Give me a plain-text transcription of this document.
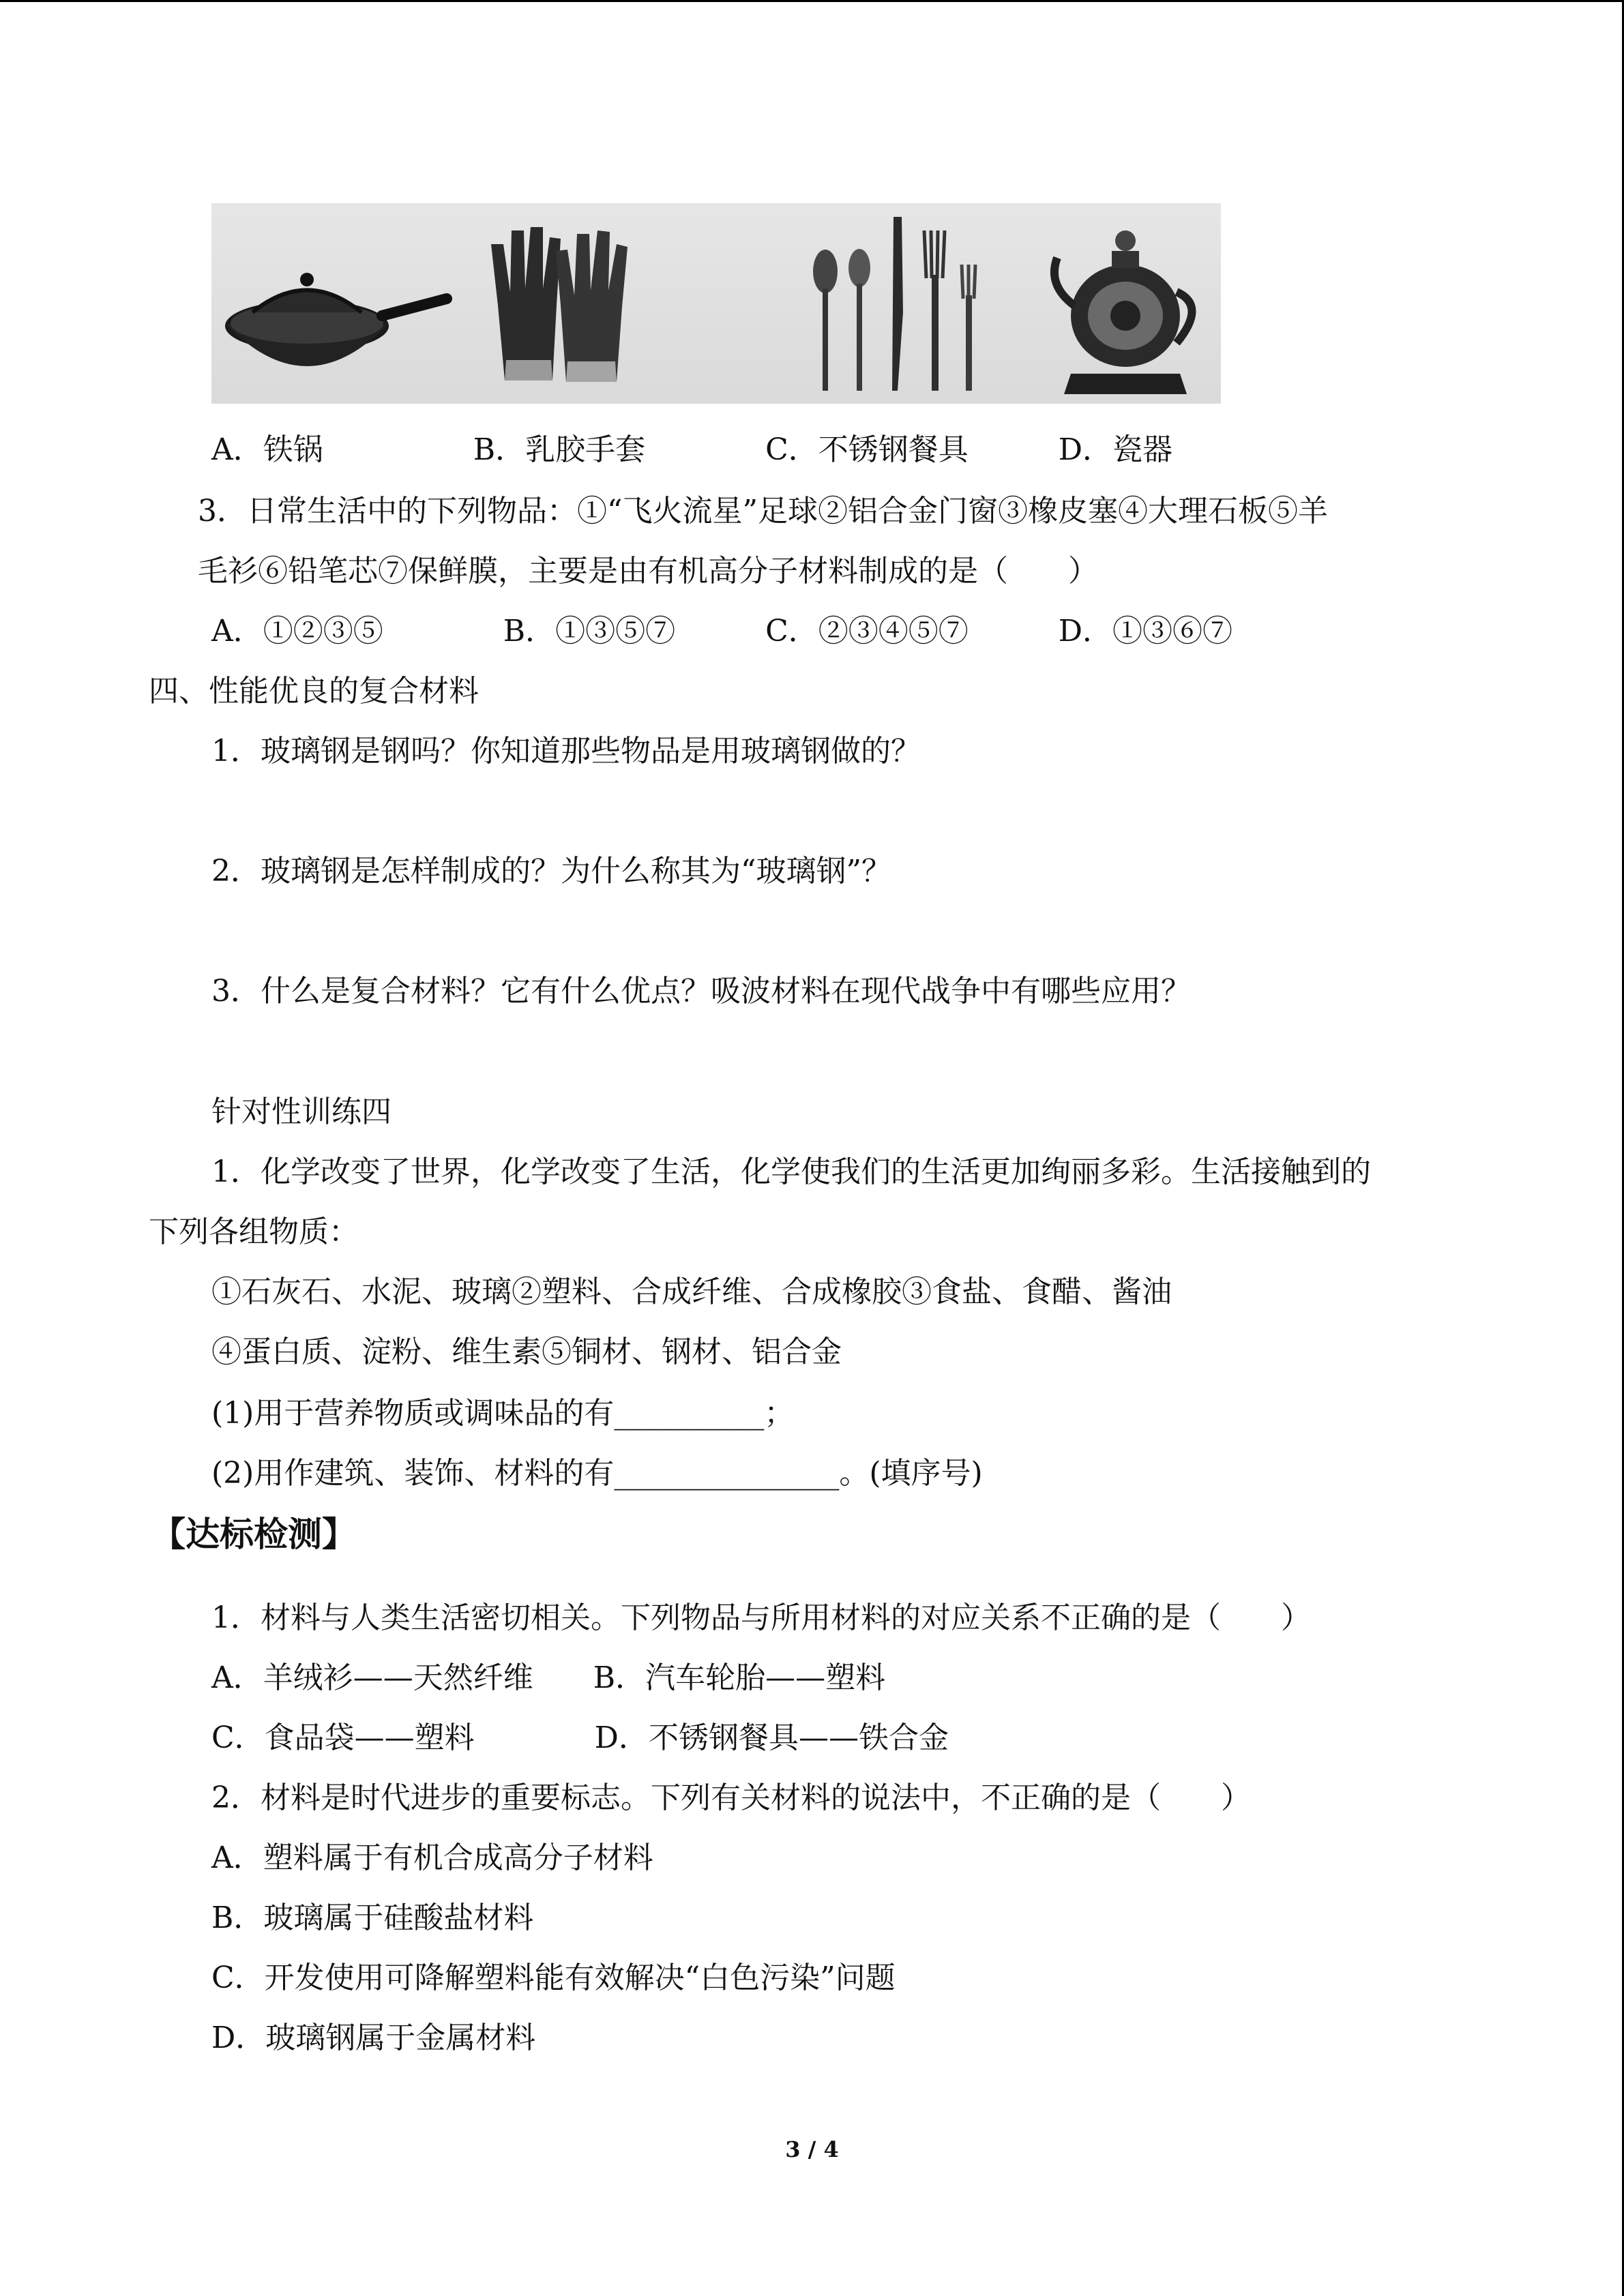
A．铁锅　　　　　B．乳胶手套　　　　C．不锈钢餐具　　　D．瓷器
3．日常生活中的下列物品：①“飞火流星”足球②铝合金门窗③橡皮塞④大理石板⑤羊
毛衫⑥铅笔芯⑦保鲜膜，主要是由有机高分子材料制成的是（　　）
A．①②③⑤　　　　B．①③⑤⑦　　　C．②③④⑤⑦　　　D．①③⑥⑦
四、性能优良的复合材料
1．玻璃钢是钢吗？你知道那些物品是用玻璃钢做的？
2．玻璃钢是怎样制成的？为什么称其为“玻璃钢”？
3．什么是复合材料？它有什么优点？吸波材料在现代战争中有哪些应用？
针对性训练四
1．化学改变了世界，化学改变了生活，化学使我们的生活更加绚丽多彩。生活接触到的
下列各组物质：
①石灰石、水泥、玻璃②塑料、合成纤维、合成橡胶③食盐、食醋、酱油
④蛋白质、淀粉、维生素⑤铜材、钢材、铝合金
(1)用于营养物质或调味品的有__________；
(2)用作建筑、装饰、材料的有_______________。(填序号)
【达标检测】
1．材料与人类生活密切相关。下列物品与所用材料的对应关系不正确的是（　　）
A．羊绒衫——天然纤维　　B．汽车轮胎——塑料
C．食品袋——塑料　　　　D．不锈钢餐具——铁合金
2．材料是时代进步的重要标志。下列有关材料的说法中，不正确的是（　　）
A．塑料属于有机合成高分子材料
B．玻璃属于硅酸盐材料
C．开发使用可降解塑料能有效解决“白色污染”问题
D．玻璃钢属于金属材料
3 / 4
